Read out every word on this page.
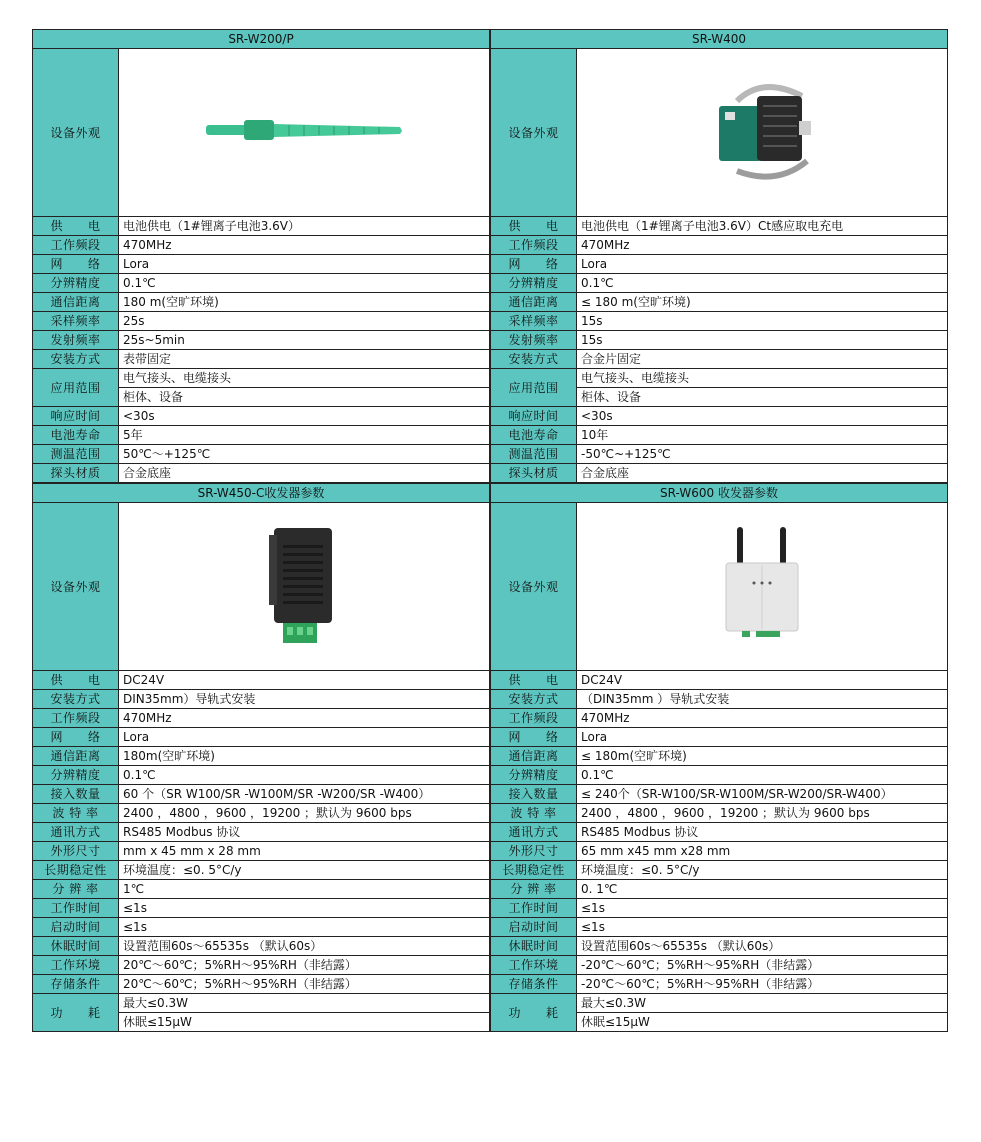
SR-W200/P	
设备外观	
供　　电	电池供电（1#锂离子电池3.6V）
工作频段	470MHz
网　　络	Lora
分辨精度	0.1℃
通信距离	180 m(空旷环境)
采样频率	25s
发射频率	25s~5min
安装方式	表带固定
应用范围	电气接头、电缆接头
	柜体、设备
响应时间	<30s
电池寿命	5年
测温范围	50℃～+125℃
探头材质	合金底座
SR-W400	
设备外观	
供　　电	电池供电（1#锂离子电池3.6V）Ct感应取电充电
工作频段	470MHz
网　　络	Lora
分辨精度	0.1℃
通信距离	≤ 180 m(空旷环境)
采样频率	15s
发射频率	15s
安装方式	合金片固定
应用范围	电气接头、电缆接头
	柜体、设备
响应时间	<30s
电池寿命	10年
测温范围	-50℃~+125℃
探头材质	合金底座
SR-W450-C收发器参数	
设备外观	
供　　电	DC24V
安装方式	DIN35mm）导轨式安装
工作频段	470MHz
网　　络	Lora
通信距离	180m(空旷环境)
分辨精度	0.1℃
接入数量	60 个（SR W100/SR -W100M/SR -W200/SR -W400）
波 特 率	2400 ，4800 ，9600 ，19200 ；默认为 9600 bps
通讯方式	RS485 Modbus 协议
外形尺寸	mm x 45 mm x 28 mm
长期稳定性	环境温度：≤0. 5°C/y
分 辨 率	1℃
工作时间	≤1s
启动时间	≤1s
休眠时间	设置范围60s～65535s （默认60s）
工作环境	20℃～60℃；5%RH～95%RH（非结露）
存储条件	20℃～60℃；5%RH～95%RH（非结露）
功　　耗	最大≤0.3W
	休眠≤15μW
SR-W600 收发器参数	
设备外观	
供　　电	DC24V
安装方式	（DIN35mm ）导轨式安装
工作频段	470MHz
网　　络	Lora
通信距离	≤ 180m(空旷环境)
分辨精度	0.1℃
接入数量	≤ 240个（SR-W100/SR-W100M/SR-W200/SR-W400）
波 特 率	2400 ，4800 ，9600 ，19200 ；默认为 9600 bps
通讯方式	RS485 Modbus 协议
外形尺寸	65 mm x45 mm x28 mm
长期稳定性	环境温度：≤0. 5°C/y
分 辨 率	0. 1℃
工作时间	≤1s
启动时间	≤1s
休眠时间	设置范围60s～65535s （默认60s）
工作环境	-20℃～60℃；5%RH～95%RH（非结露）
存储条件	-20℃～60℃；5%RH～95%RH（非结露）
功　　耗	最大≤0.3W
	休眠≤15μW
